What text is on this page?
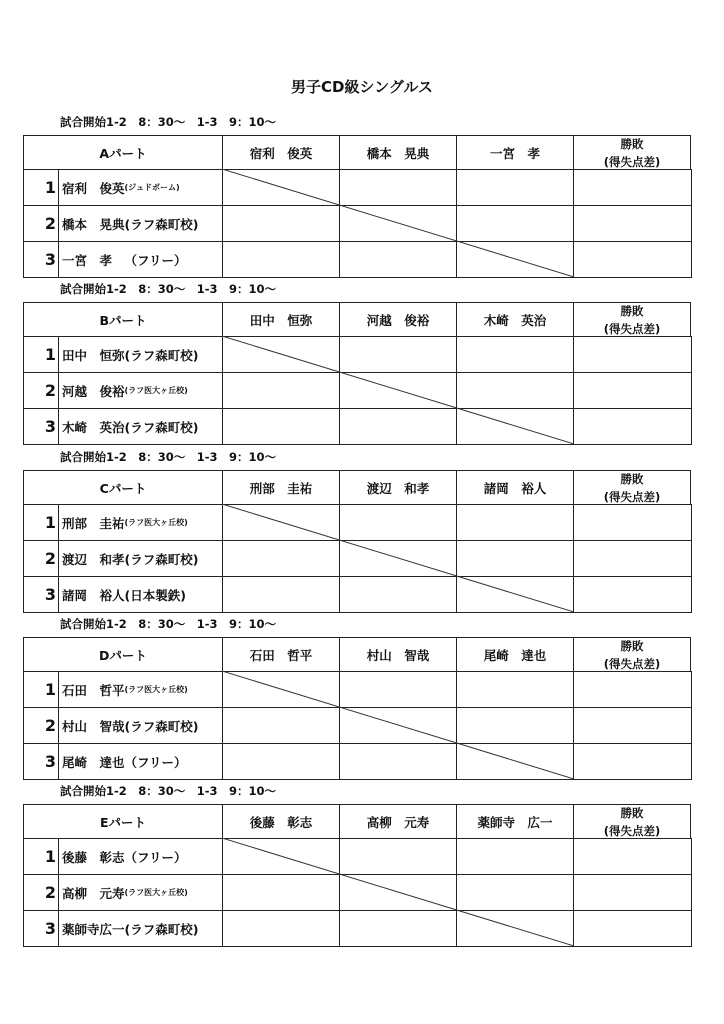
男子CD級シングルス
試合開始1-2　8：30～　1-3　9：10～
Aパート	宿利　俊英	橋本　晃典	一宮　孝
勝敗
(得失点差)
1 宿利　俊英 (ジュドボーム)
2 橋本　晃典 (ラフ森町校)
3 一宮　孝　 （フリー）
試合開始1-2　8：30～　1-3　9：10～
Bパート	田中　恒弥	河越　俊裕	木崎　英治
勝敗
(得失点差)
1 田中　恒弥 (ラフ森町校)
2 河越　俊裕 (ラフ医大ヶ丘校)
3 木崎　英治 (ラフ森町校)
試合開始1-2　8：30～　1-3　9：10～
Cパート	刑部　圭祐	渡辺　和孝	諸岡　裕人
勝敗
(得失点差)
1 刑部　圭祐 (ラフ医大ヶ丘校)
2 渡辺　和孝 (ラフ森町校)
3 諸岡　裕人 (日本製鉄)
試合開始1-2　8：30～　1-3　9：10～
Dパート	石田　哲平	村山　智哉	尾崎　達也
勝敗
(得失点差)
1 石田　哲平 (ラフ医大ヶ丘校)
2 村山　智哉 (ラフ森町校)
3 尾崎　達也 （フリー）
試合開始1-2　8：30～　1-3　9：10～
Eパート	後藤　彰志	高柳　元寿	薬師寺　広一
勝敗
(得失点差)
1 後藤　彰志 （フリー）
2 高柳　元寿 (ラフ医大ヶ丘校)
3 薬師寺広一 (ラフ森町校)
